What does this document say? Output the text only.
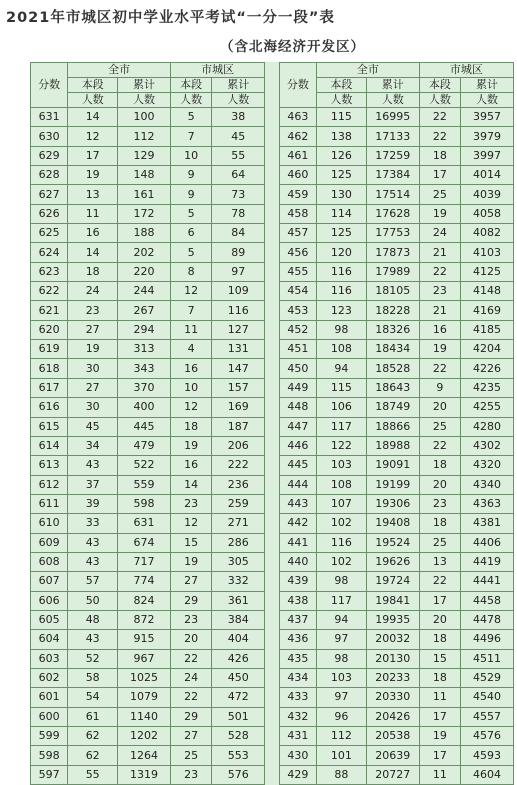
2021年市城区初中学业水平考试“一分一段”表
（含北海经济开发区）
分数	全市		市城区			分数	全市		市城区	
	本段	累计	本段	累计			本段	累计	本段	累计
	人数	人数	人数	人数			人数	人数	人数	人数
631	14	100	5	38		463	115	16995	22	3957
630	12	112	7	45		462	138	17133	22	3979
629	17	129	10	55		461	126	17259	18	3997
628	19	148	9	64		460	125	17384	17	4014
627	13	161	9	73		459	130	17514	25	4039
626	11	172	5	78		458	114	17628	19	4058
625	16	188	6	84		457	125	17753	24	4082
624	14	202	5	89		456	120	17873	21	4103
623	18	220	8	97		455	116	17989	22	4125
622	24	244	12	109		454	116	18105	23	4148
621	23	267	7	116		453	123	18228	21	4169
620	27	294	11	127		452	98	18326	16	4185
619	19	313	4	131		451	108	18434	19	4204
618	30	343	16	147		450	94	18528	22	4226
617	27	370	10	157		449	115	18643	9	4235
616	30	400	12	169		448	106	18749	20	4255
615	45	445	18	187		447	117	18866	25	4280
614	34	479	19	206		446	122	18988	22	4302
613	43	522	16	222		445	103	19091	18	4320
612	37	559	14	236		444	108	19199	20	4340
611	39	598	23	259		443	107	19306	23	4363
610	33	631	12	271		442	102	19408	18	4381
609	43	674	15	286		441	116	19524	25	4406
608	43	717	19	305		440	102	19626	13	4419
607	57	774	27	332		439	98	19724	22	4441
606	50	824	29	361		438	117	19841	17	4458
605	48	872	23	384		437	94	19935	20	4478
604	43	915	20	404		436	97	20032	18	4496
603	52	967	22	426		435	98	20130	15	4511
602	58	1025	24	450		434	103	20233	18	4529
601	54	1079	22	472		433	97	20330	11	4540
600	61	1140	29	501		432	96	20426	17	4557
599	62	1202	27	528		431	112	20538	19	4576
598	62	1264	25	553		430	101	20639	17	4593
597	55	1319	23	576		429	88	20727	11	4604
